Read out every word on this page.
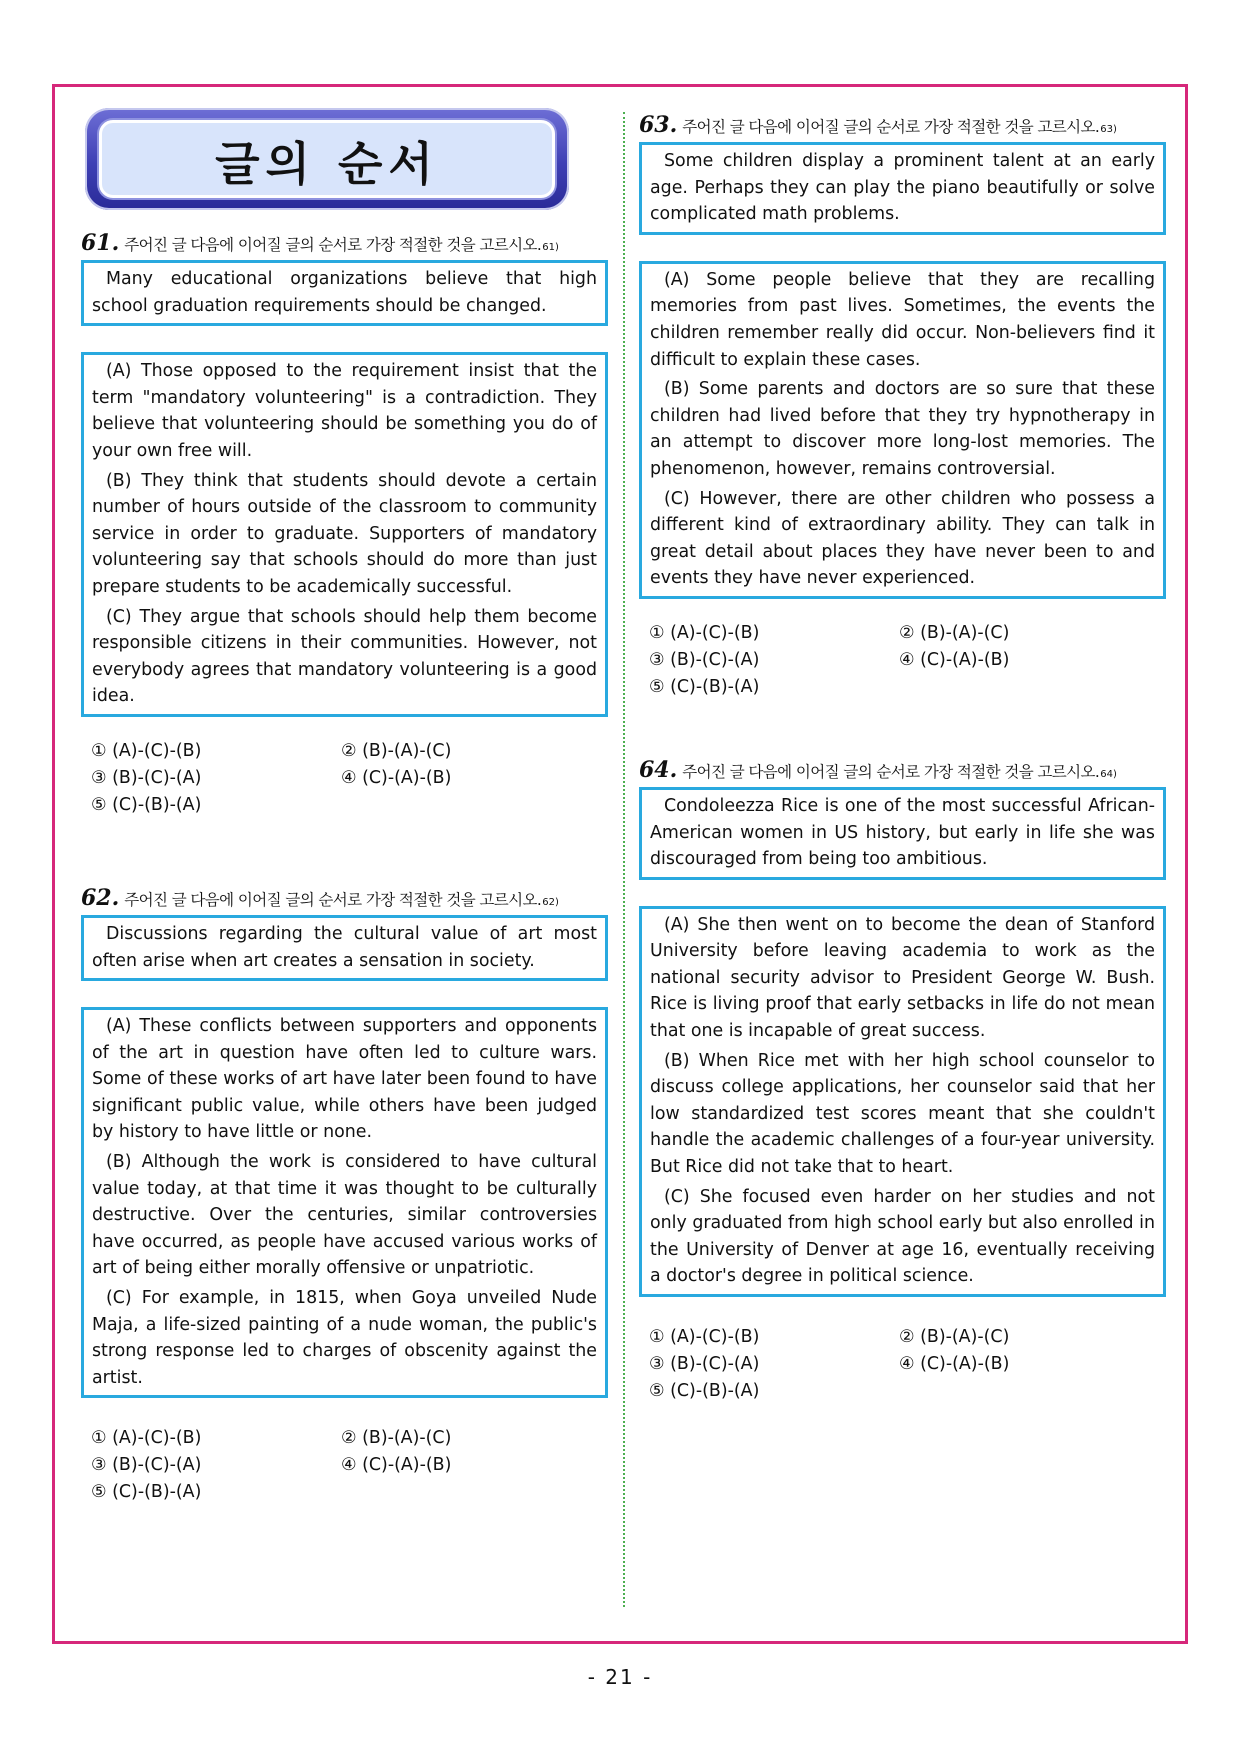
글의 순서
61. 주어진 글 다음에 이어질 글의 순서로 가장 적절한 것을 고르시오. 61)

Many educational organizations believe that high school graduation requirements should be changed.

(A) Those opposed to the requirement insist that the term "mandatory volunteering" is a contradiction. They believe that volunteering should be something you do of your own free will.

(B) They think that students should devote a certain number of hours outside of the classroom to community service in order to graduate. Supporters of mandatory volunteering say that schools should do more than just prepare students to be academically successful.

(C) They argue that schools should help them become responsible citizens in their communities. However, not everybody agrees that mandatory volunteering is a good idea.

① (A)-(C)-(B)	② (B)-(A)-(C)
③ (B)-(C)-(A)	④ (C)-(A)-(B)
⑤ (C)-(B)-(A)
62. 주어진 글 다음에 이어질 글의 순서로 가장 적절한 것을 고르시오. 62)

Discussions regarding the cultural value of art most often arise when art creates a sensation in society.

(A) These conflicts between supporters and opponents of the art in question have often led to culture wars. Some of these works of art have later been found to have significant public value, while others have been judged by history to have little or none.

(B) Although the work is considered to have cultural value today, at that time it was thought to be culturally destructive. Over the centuries, similar controversies have occurred, as people have accused various works of art of being either morally offensive or unpatriotic.

(C) For example, in 1815, when Goya unveiled Nude Maja, a life-sized painting of a nude woman, the public's strong response led to charges of obscenity against the artist.

① (A)-(C)-(B)	② (B)-(A)-(C)
③ (B)-(C)-(A)	④ (C)-(A)-(B)
⑤ (C)-(B)-(A)
63. 주어진 글 다음에 이어질 글의 순서로 가장 적절한 것을 고르시오. 63)

Some children display a prominent talent at an early age. Perhaps they can play the piano beautifully or solve complicated math problems.

(A) Some people believe that they are recalling memories from past lives. Sometimes, the events the children remember really did occur. Non-believers find it difficult to explain these cases.

(B) Some parents and doctors are so sure that these children had lived before that they try hypnotherapy in an attempt to discover more long-lost memories. The phenomenon, however, remains controversial.

(C) However, there are other children who possess a different kind of extraordinary ability. They can talk in great detail about places they have never been to and events they have never experienced.

① (A)-(C)-(B)	② (B)-(A)-(C)
③ (B)-(C)-(A)	④ (C)-(A)-(B)
⑤ (C)-(B)-(A)
64. 주어진 글 다음에 이어질 글의 순서로 가장 적절한 것을 고르시오. 64)

Condoleezza Rice is one of the most successful African-American women in US history, but early in life she was discouraged from being too ambitious.

(A) She then went on to become the dean of Stanford University before leaving academia to work as the national security advisor to President George W. Bush. Rice is living proof that early setbacks in life do not mean that one is incapable of great success.

(B) When Rice met with her high school counselor to discuss college applications, her counselor said that her low standardized test scores meant that she couldn't handle the academic challenges of a four-year university. But Rice did not take that to heart.

(C) She focused even harder on her studies and not only graduated from high school early but also enrolled in the University of Denver at age 16, eventually receiving a doctor's degree in political science.

① (A)-(C)-(B)	② (B)-(A)-(C)
③ (B)-(C)-(A)	④ (C)-(A)-(B)
⑤ (C)-(B)-(A)
- 21 -
